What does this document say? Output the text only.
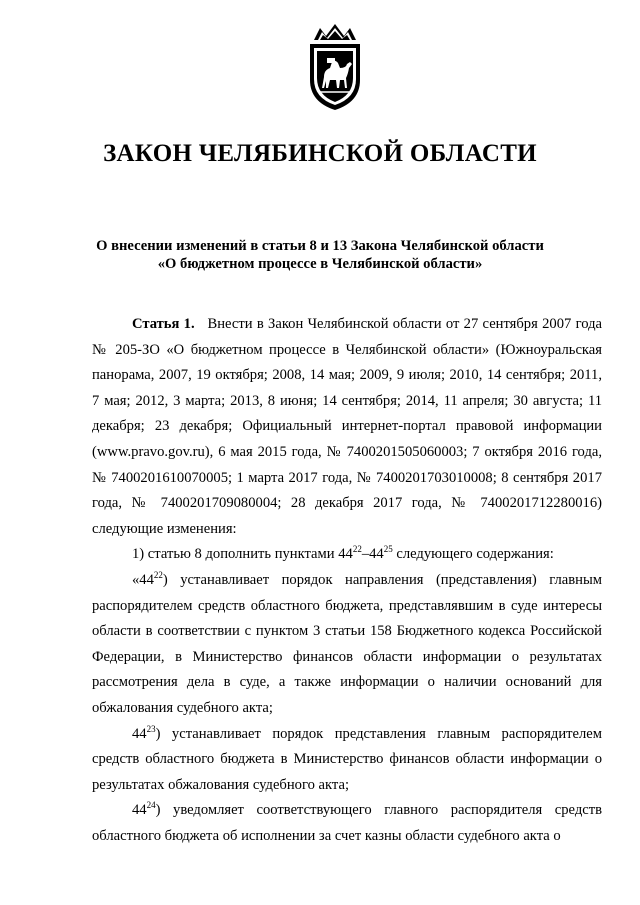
ЗАКОН ЧЕЛЯБИНСКОЙ ОБЛАСТИ
О внесении изменений в статьи 8 и 13 Закона Челябинской области
«О бюджетном процессе в Челябинской области»

Статья 1. Внести в Закон Челябинской области от 27 сентября 2007 года № 205-ЗО «О бюджетном процессе в Челябинской области» (Южноуральская панорама, 2007, 19 октября; 2008, 14 мая; 2009, 9 июля; 2010, 14 сентября; 2011, 7 мая; 2012, 3 марта; 2013, 8 июня; 14 сентября; 2014, 11 апреля; 30 августа; 11 декабря; 23 декабря; Официальный интернет-портал правовой информации (www.pravo.gov.ru), 6 мая 2015 года, № 7400201505060003; 7 октября 2016 года, № 7400201610070005; 1 марта 2017 года, № 7400201703010008; 8 сентября 2017 года, № 7400201709080004; 28 декабря 2017 года, № 7400201712280016) следующие изменения:

1) статью 8 дополнить пунктами $44^{22}-44^{25}$ следующего содержания:

«$44^{22}$) устанавливает порядок направления (представления) главным распорядителем средств областного бюджета, представлявшим в суде интересы области в соответствии с пунктом 3 статьи 158 Бюджетного кодекса Российской Федерации, в Министерство финансов области информации о результатах рассмотрения дела в суде, а также информации о наличии оснований для обжалования судебного акта;

$44^{23}$) устанавливает порядок представления главным распорядителем средств областного бюджета в Министерство финансов области информации о результатах обжалования судебного акта;

$44^{24}$) уведомляет соответствующего главного распорядителя средств областного бюджета об исполнении за счет казны области судебного акта о
